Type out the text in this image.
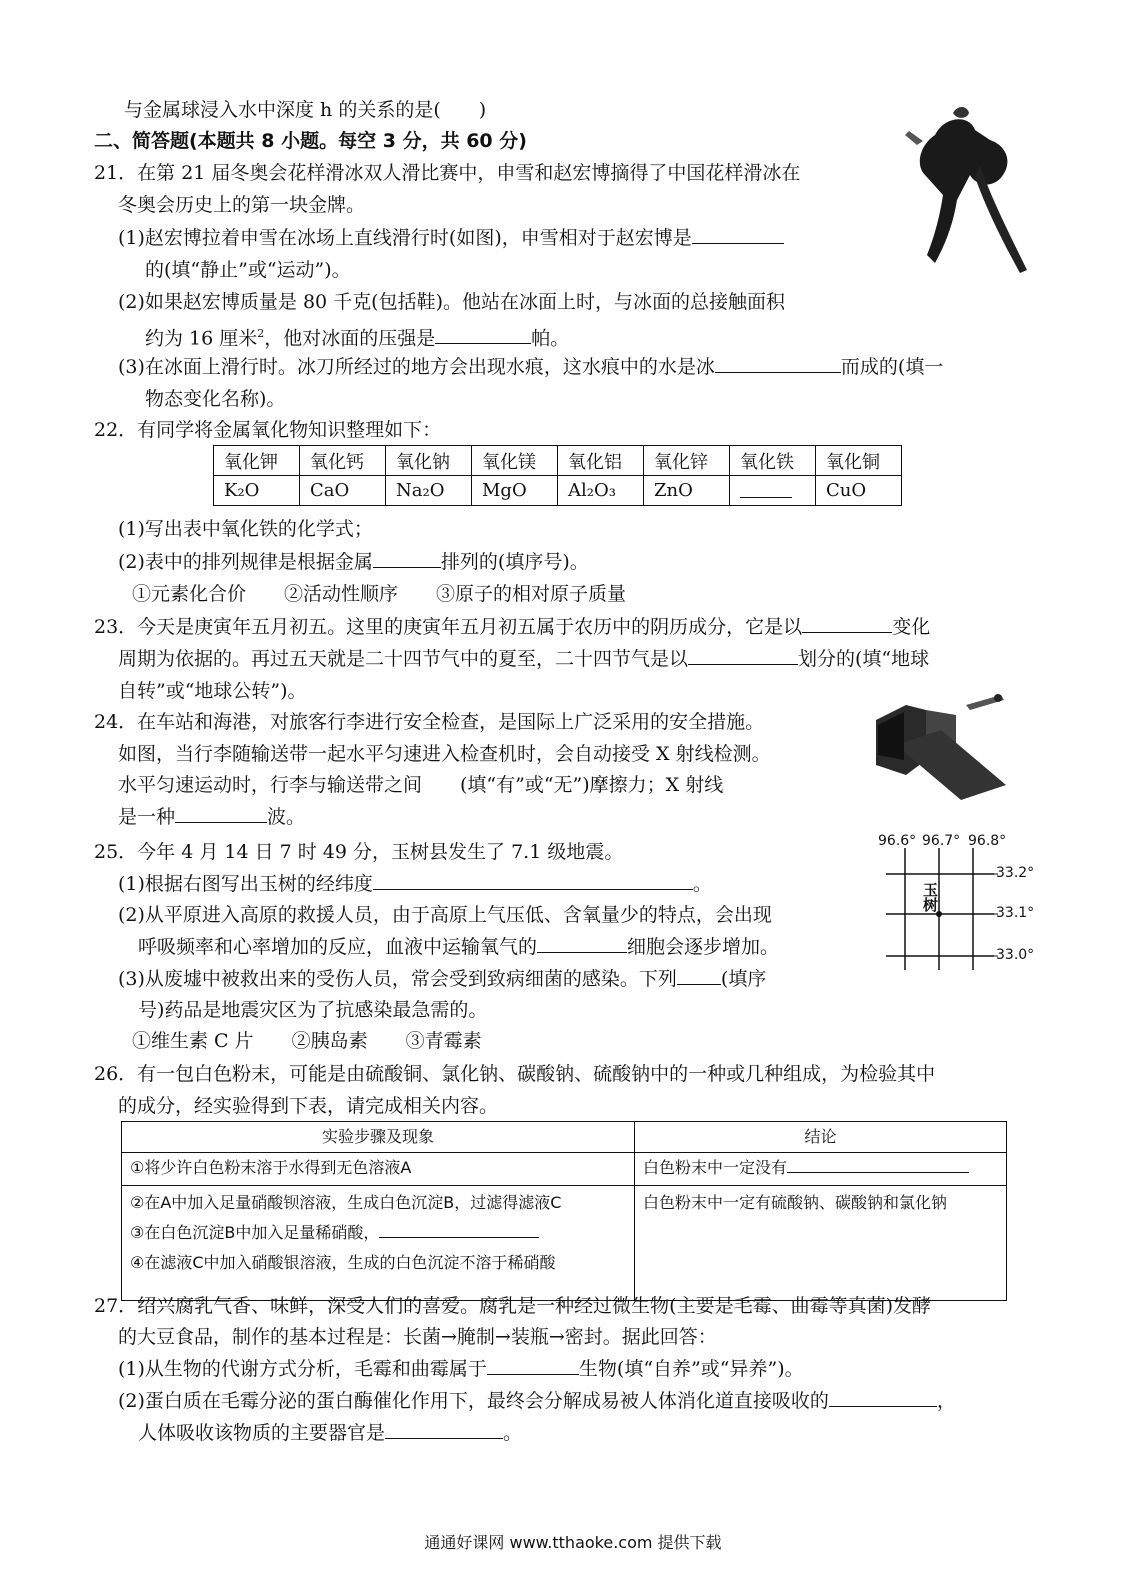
与金属球浸入水中深度 h 的关系的是(　　)
二、简答题(本题共 8 小题。每空 3 分，共 60 分)
21．在第 21 届冬奥会花样滑冰双人滑比赛中，申雪和赵宏博摘得了中国花样滑冰在
冬奥会历史上的第一块金牌。
(1)赵宏博拉着申雪在冰场上直线滑行时(如图)，申雪相对于赵宏博是
的(填“静止”或“运动”)。
(2)如果赵宏博质量是 80 千克(包括鞋)。他站在冰面上时，与冰面的总接触面积
约为 16 厘米$^2$，他对冰面的压强是	帕。
(3)在冰面上滑行时。冰刀所经过的地方会出现水痕，这水痕中的水是冰	而成的(填一
物态变化名称)。
22．有同学将金属氧化物知识整理如下：
氧化钾	氧化钙	氧化钠	氧化镁	氧化铝	氧化锌	氧化铁	氧化铜
K₂O	CaO	Na₂O	MgO	Al₂O₃	ZnO		CuO
(1)写出表中氧化铁的化学式；
(2)表中的排列规律是根据金属	排列的(填序号)。
①元素化合价　　②活动性顺序　　③原子的相对原子质量
23．今天是庚寅年五月初五。这里的庚寅年五月初五属于农历中的阴历成分，它是以	变化
周期为依据的。再过五天就是二十四节气中的夏至，二十四节气是以	划分的(填“地球
自转”或“地球公转”)。
24．在车站和海港，对旅客行李进行安全检查，是国际上广泛采用的安全措施。
如图，当行李随输送带一起水平匀速进入检查机时，会自动接受 X 射线检测。
水平匀速运动时，行李与输送带之间　　(填“有”或“无”)摩擦力；X 射线
是一种	波。
25．今年 4 月 14 日 7 时 49 分，玉树县发生了 7.1 级地震。
(1)根据右图写出玉树的经纬度	。
(2)从平原进入高原的救援人员，由于高原上气压低、含氧量少的特点，会出现
呼吸频率和心率增加的反应，血液中运输氧气的	细胞会逐步增加。
(3)从废墟中被救出来的受伤人员，常会受到致病细菌的感染。下列 (填序
号)药品是地震灾区为了抗感染最急需的。
①维生素 C 片　　②胰岛素　　③青霉素
96.6° 96.7° 96.8°
玉树
33.2°
33.1°
33.0°
26．有一包白色粉末，可能是由硫酸铜、氯化钠、碳酸钠、硫酸钠中的一种或几种组成，为检验其中
的成分，经实验得到下表，请完成相关内容。
实验步骤及现象	结论
①将少许白色粉末溶于水得到无色溶液A	白色粉末中一定没有

②在A中加入足量硝酸钡溶液，生成白色沉淀B，过滤得滤液C
③在白色沉淀B中加入足量稀硝酸，
④在滤液C中加入硝酸银溶液，生成的白色沉淀不溶于稀硝酸	白色粉末中一定有硫酸钠、碳酸钠和氯化钠
27．绍兴腐乳气香、味鲜，深受人们的喜爱。腐乳是一种经过微生物(主要是毛霉、曲霉等真菌)发酵
的大豆食品，制作的基本过程是：长菌→腌制→装瓶→密封。据此回答：
(1)从生物的代谢方式分析，毛霉和曲霉属于	生物(填“自养”或“异养”)。
(2)蛋白质在毛霉分泌的蛋白酶催化作用下，最终会分解成易被人体消化道直接吸收的	，
人体吸收该物质的主要器官是	。
通通好课网 www.tthaoke.com 提供下载
